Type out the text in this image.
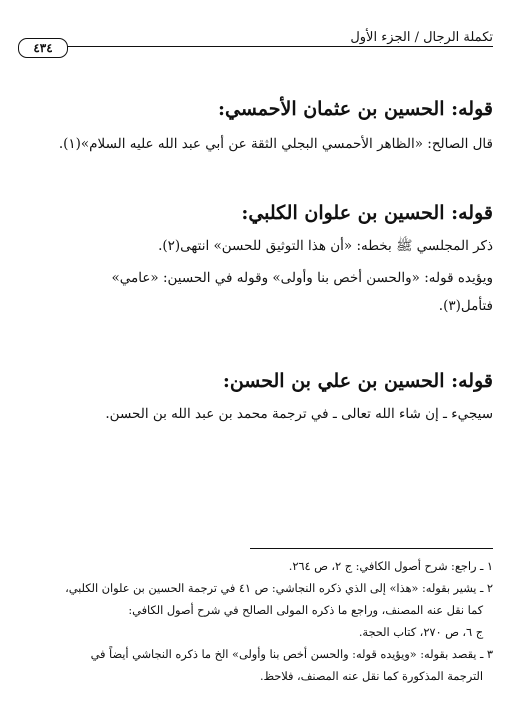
تكملة الرجال / الجزء الأول
٤٣٤
قوله: الحسين بن عثمان الأحمسي:
قال الصالح: «الظاهر الأحمسي البجلي الثقة عن أبي عبد الله عليه السلام»(١).
قوله: الحسين بن علوان الكلبي:
ذكر المجلسي ﷺ بخطه: «أن هذا التوثيق للحسن» انتهى(٢).
ويؤيده قوله: «والحسن أخص بنا وأولى» وقوله في الحسين: «عامي»
فتأمل(٣).
قوله: الحسين بن علي بن الحسن:
سيجيء ـ إن شاء الله تعالى ـ في ترجمة محمد بن عبد الله بن الحسن.
١ ـ راجع: شرح أصول الكافي: ج ٢، ص ٢٦٤.
٢ ـ يشير بقوله: «هذا» إلى الذي ذكره النجاشي: ص ٤١ في ترجمة الحسين بن علوان الكلبي،
كما نقل عنه المصنف، وراجع ما ذكره المولى الصالح في شرح أصول الكافي:
ج ٦، ص ٢٧٠، كتاب الحجة.
٣ ـ يقصد بقوله: «ويؤيده قوله: والحسن أخص بنا وأولى» الخ ما ذكره النجاشي أيضاً في
الترجمة المذكورة كما نقل عنه المصنف، فلاحظ.
